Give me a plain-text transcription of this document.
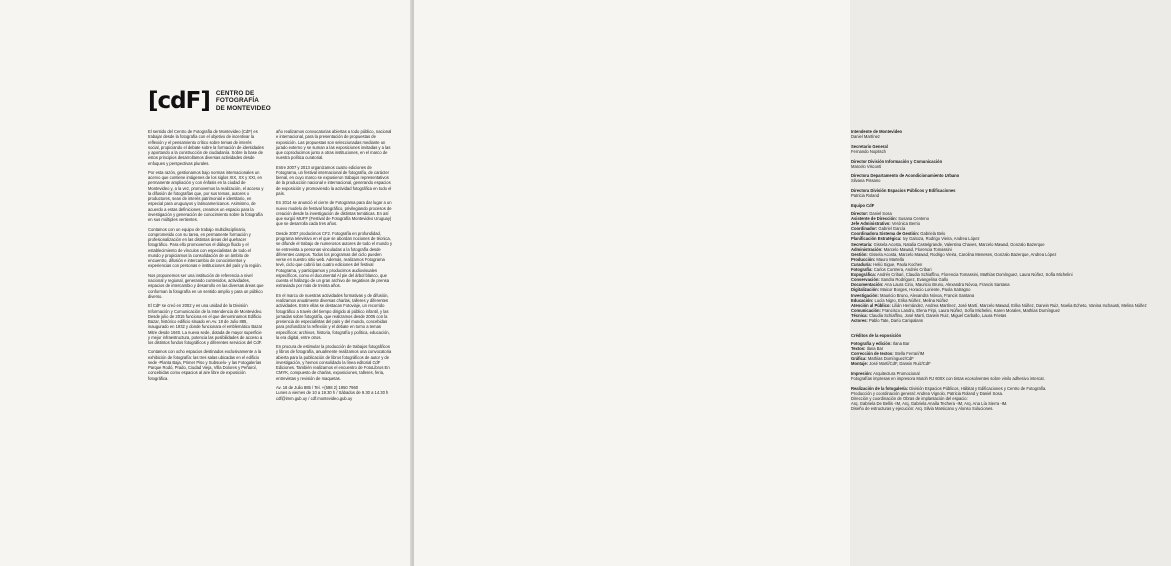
[cdF] CENTRO DE
FOTOGRAFÍA
DE MONTEVIDEO

El sentido del Centro de Fotografía de Montevideo (CdF) es trabajar desde la fotografía con el objetivo de incentivar la reflexión y el pensamiento crítico sobre temas de interés social, propiciando el debate sobre la formación de identidades y aportando a la construcción de ciudadanía. Sobre la base de estos principios desarrollamos diversas actividades desde enfoques y perspectivas plurales.

Por esta razón, gestionamos bajo normas internacionales un acervo que contiene imágenes de los siglos XIX, XX y XXI, en permanente ampliación y con énfasis en la ciudad de Montevideo y, a la vez, promovemos la realización, el acceso y la difusión de fotografías que, por sus temas, autores o productores, sean de interés patrimonial e identitario, en especial para uruguayos y latinoamericanos. Asimismo, de acuerdo a estas definiciones, creamos un espacio para la investigación y generación de conocimiento sobre la fotografía en sus múltiples vertientes.

Contamos con un equipo de trabajo multidisciplinario, comprometido con su tarea, en permanente formación y profesionalización en las distintas áreas del quehacer fotográfico. Para ello promovemos el diálogo fluido y el establecimiento de vínculos con especialistas de todo el mundo y propiciamos la consolidación de un ámbito de encuentro, difusión e intercambio de conocimientos y experiencias con personas e instituciones del país y la región.

Nos proponemos ser una institución de referencia a nivel nacional y regional, generando contenidos, actividades, espacios de intercambio y desarrollo en las diversas áreas que conforman la fotografía en un sentido amplio y para un público diverso.

El CdF se creó en 2002 y es una unidad de la División Información y Comunicación de la Intendencia de Montevideo. Desde julio de 2015 funciona en el que denominamos Edificio Bazar, histórico edificio situado en Av. 18 de Julio 885, inaugurado en 1932 y donde funcionara el emblemático Bazar Mitre desde 1940. La nueva sede, dotada de mayor superficie y mejor infraestructura, potencia las posibilidades de acceso a los distintos fondos fotográficos y diferentes servicios del CdF.

Contamos con ocho espacios destinados exclusivamente a la exhibición de fotografía: las tres salas ubicadas en el edificio sede -Planta Baja, Primer Piso y Subsuelo- y las Fotogalerías Parque Rodó, Prado, Ciudad Vieja, Villa Dolores y Peñarol, concebidas como espacios al aire libre de exposición fotográfica.

año realizamos convocatorias abiertas a todo público, nacional e internacional, para la presentación de propuestas de exposición. Las propuestas son seleccionadas mediante un jurado externo y se suman a las exposiciones invitadas y a las que coproducimos junto a otras instituciones, en el marco de nuestra política curatorial.

Entre 2007 y 2013 organizamos cuatro ediciones de Fotograma, un festival internacional de fotografía, de carácter bienal, en cuyo marco se expusieron trabajos representativos de la producción nacional e internacional, generando espacios de exposición y promoviendo la actividad fotográfica en todo el país.

En 2014 se anunció el cierre de Fotograma para dar lugar a un nuevo modelo de festival fotográfico, privilegiando procesos de creación desde la investigación de distintas temáticas. En así que surgió MUFF (Festival de Fotografía Montevideo Uruguay) que se desarrolla cada tres años.

Desde 2007 producimos CF2. Fotografía en profundidad, programa televisivo en el que se abordan nociones de técnica, se difunde el trabajo de numerosos autores de todo el mundo y se entrevista a personas vinculadas a la fotografía desde diferentes campos. Todos los programas del ciclo pueden verse en nuestro sitio web. Además, realizamos Fotograma tevé, ciclo que cubrió las cuatro ediciones del festival Fotograma, y participamos y producimos audiovisuales específicos, como el documental Al pie del árbol blanco, que cuenta el hallazgo de un gran archivo de negativos de prensa extraviado por más de treinta años.

En el marco de nuestras actividades formativas y de difusión, realizamos anualmente diversas charlas, talleres y diferentes actividades. Entre ellas se destacan Fotoviaje, un recorrido fotográfico a través del tiempo dirigido al público infantil, y las jornadas sobre fotografía, que realizamos desde 2005 con la presencia de especialistas del país y del mundo, concebidas para profundizar la reflexión y el debate en torno a temas específicos: archivos, historia, fotografía y política, educación, la era digital, entre otros.

En procura de estimular la producción de trabajos fotográficos y libros de fotografía, anualmente realizamos una convocatoria abierta para la publicación de libros fotográficos de autor y de investigación, y hemos consolidado la línea editorial CdF Ediciones. También realizamos el encuentro de FotoLibros En CMYK, compuesto de charlas, exposiciones, talleres, feria, entrevistas y revisión de maquetas.

Av. 18 de Julio 885 / Tel. +(598 2) 1950 7960
Lunes a viernes de 10 a 19.30 h / Sábados de 9.30 a 14.30 h
cdf@imm.gub.uy / cdf.montevideo.gub.uy
Intendente de Montevideo
Daniel Martínez
Secretario General
Fernando Nopitsch
Director División Información y Comunicación
Marcelo Visconti
Directora Departamento de Acondicionamiento Urbano
Silvana Pissano
Directora División Espacios Públicos y Edificaciones
Patricia Roland
Equipo CdF
Director: Daniel Sosa
Asistente de Dirección: Susana Centeno
Jefe Administrativo: Verónica Berrio
Coordinador: Gabriel García
Coordinadora Sistema de Gestión: Gabriela Belo
Planificación Estratégica: Ivy Gaitoza, Rodrigo Vieira, Andrea López
Secretaría: Gissela Acosta, Natalia Castelgrande, Valentina Chaves, Marcelo Mawad, Gonzalo Bazerque
Administración: Marcelo Mawad, Florencia Tomassini
Gestión: Gissela Acosta, Marcelo Mawad, Rodrigo Vieira, Carolina Meneses, Gonzalo Bazerque, Andrea López
Producción: Mauro Martella
Curaduría: Heliú Sigue, Paola Kochen
Fotografía: Carlos Contrera, Andrés Cribari
Expográfica: Andrés Cribari, Claudia Schiaffino, Florencia Tomassini, Mathías Domínguez, Laura Núñez, Sofía Michelini
Conservación: Sandra Rodríguez, Evangelina Gallo
Documentación: Ana Laura Cirio, Mauricio Bruno, Alexandra Nóvoa, Francis Santana
Digitalización: Maicor Borges, Horacio Loriente, Paola Satragno
Investigación: Mauricio Bruno, Alexandra Nóvoa, Francis Santana
Educación: Lucía Nigro, Erika Núñez, Melina Núñez
Atención al Público: Lilián Hernández, Andrea Martínez, José Martí, Marcelo Mawad, Erika Núñez, Darwin Ruiz, Noelia Echeto, Vanina Inchausti, Melina Núñez
Comunicación: Francisco Landro, Elena Firpi, Laura Núñez, Sofía Michelini, Karen Morales, Mathías Domínguez
Técnica: Claudia Schiaffino, José Martí, Darwin Ruiz, Miguel Carballo, Laura Frietas
Actores: Pablo Tate, Darío Campalans
Créditos de la exposición
Fotografía y edición: Ilana Bar
Textos: Ilana Bar
Corrección de textos: Stella Ferrari/IM
Gráfica: Mathías Domínguez/CdF
Montaje: José Martí/CdF, Darwin Ruiz/CdF
Impresión: Arquitectura Promocional
Fotografías impresas en impresora Mutoh RJ 600X con tintas ecosolventes sobre vinilo adhesivo intercat.
Realización de la fotogalería: División Espacios Públicos, Hábitat y Edificaciones y Centro de Fotografía.
Producción y coordinación general: Andrea Vignolo, Patricia Roland y Daniel Sosa.
Dirección y coordinación de Obras de implantación del espacio:
Arq. Gabriela De Bellis -IM, Arq. Gabriela Anaíla Techera -IM, Arq. Ana Lía Sierra -IM.
Diseño de estructuras y ejecución: Arq. Silvia Marsicano y Alonso Soluciones.
